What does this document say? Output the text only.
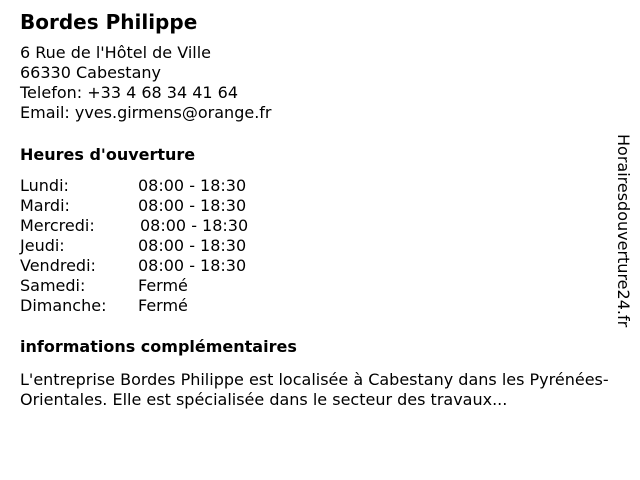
Bordes Philippe
6 Rue de l'Hôtel de Ville
66330 Cabestany
Telefon: +33 4 68 34 41 64
Email: yves.girmens@orange.fr
Heures d'ouverture
Lundi:	08:00 - 18:30
Mardi:	08:00 - 18:30
Mercredi:	08:00 - 18:30
Jeudi:	08:00 - 18:30
Vendredi:	08:00 - 18:30
Samedi:	Fermé
Dimanche: Fermé
informations complémentaires
L'entreprise Bordes Philippe est localisée à Cabestany dans les Pyrénées-Orientales. Elle est spécialisée dans le secteur des travaux...
Horairesdouverture24.fr
